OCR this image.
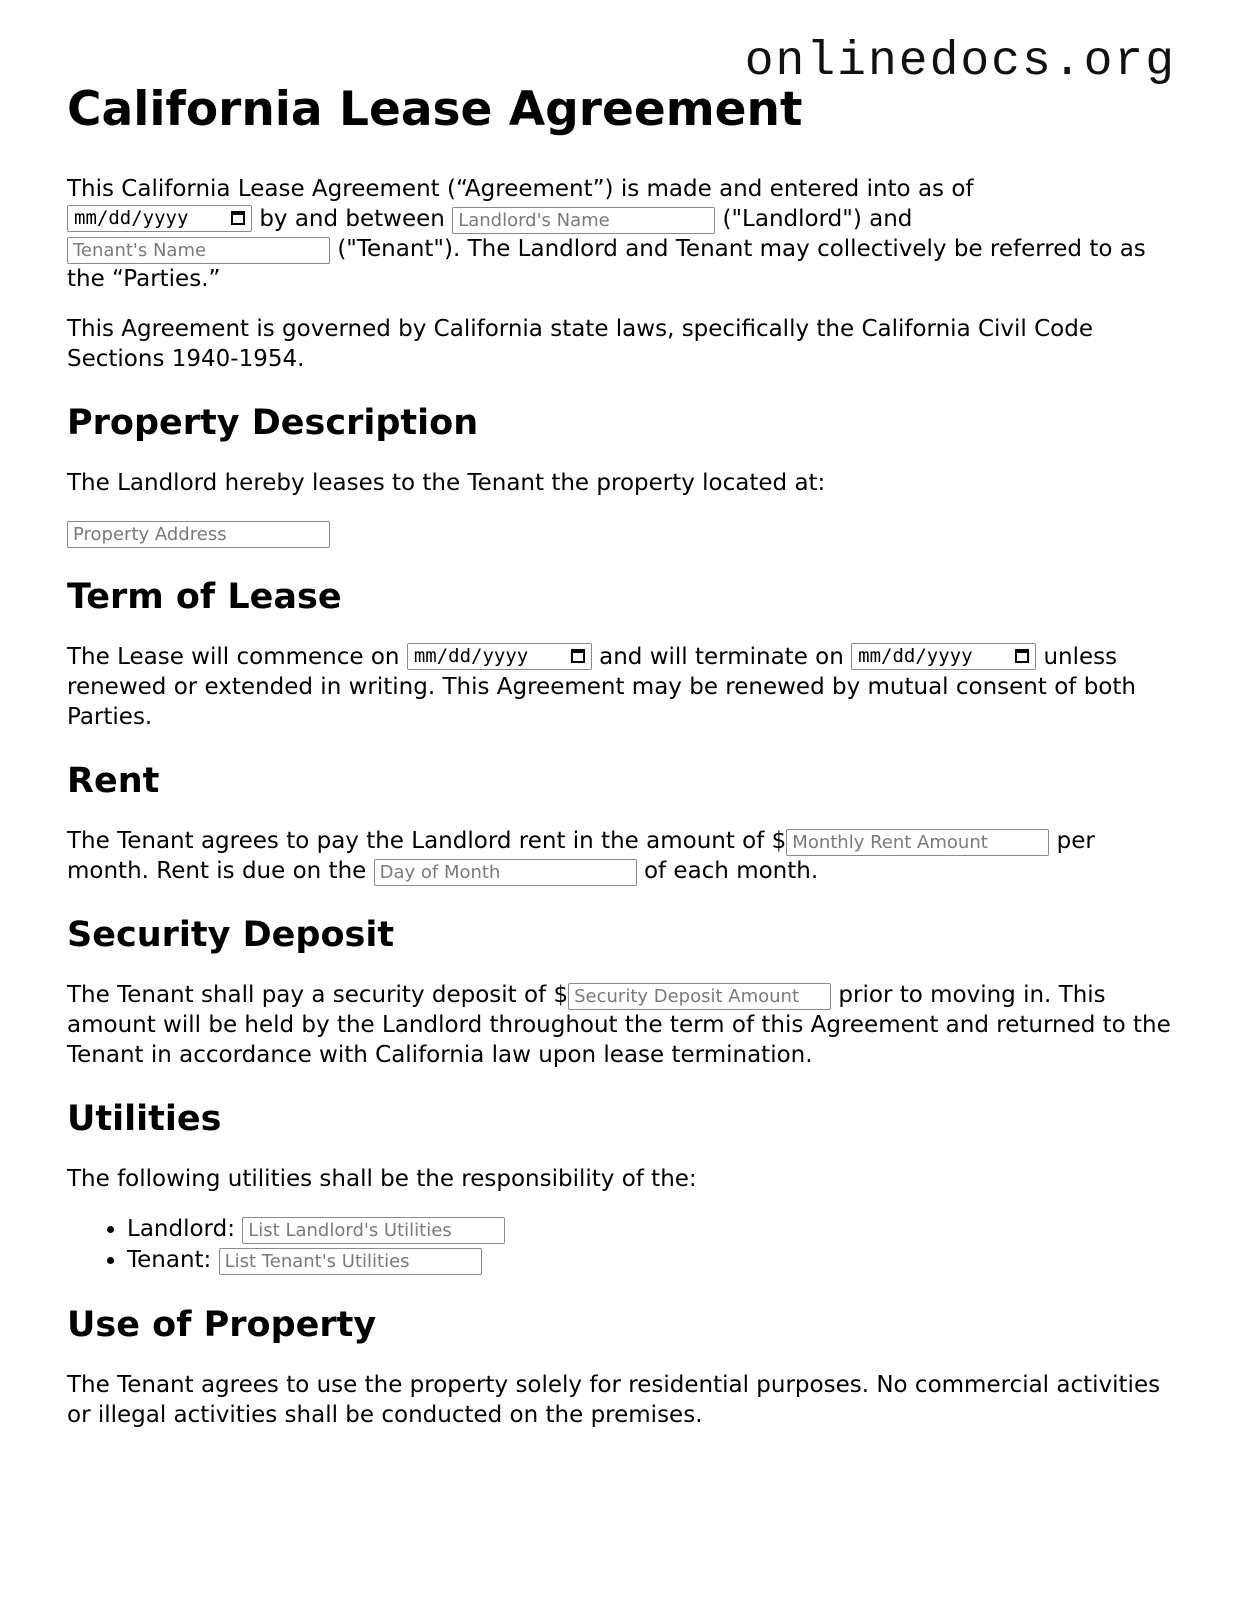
onlinedocs.org
California Lease Agreement

This California Lease Agreement (“Agreement”) is made and entered into as of

mm/dd/yyyy	by and between Landlord's Name	("Landlord") and
Tenant's Name ("Tenant"). The Landlord and Tenant may collectively be referred to as the “Parties.”

This Agreement is governed by California state laws, specifically the California Civil Code Sections 1940-1954.

Property Description

The Landlord hereby leases to the Tenant the property located at:

Property Address

Term of Lease

The Lease will commence on mm/dd/yyyy	and will terminate on mm/dd/yyyy	unless renewed or extended in writing. This Agreement may be renewed by mutual consent of both Parties.

Rent

The Tenant agrees to pay the Landlord rent in the amount of $Monthly Rent Amount	per month. Rent is due on the Day of Month	of each month.

Security Deposit

The Tenant shall pay a security deposit of $Security Deposit Amount	prior to moving in. This amount will be held by the Landlord throughout the term of this Agreement and returned to the Tenant in accordance with California law upon lease termination.

Utilities

The following utilities shall be the responsibility of the:

• Landlord: List Landlord's Utilities
• Tenant: List Tenant's Utilities
Use of Property

The Tenant agrees to use the property solely for residential purposes. No commercial activities or illegal activities shall be conducted on the premises.
